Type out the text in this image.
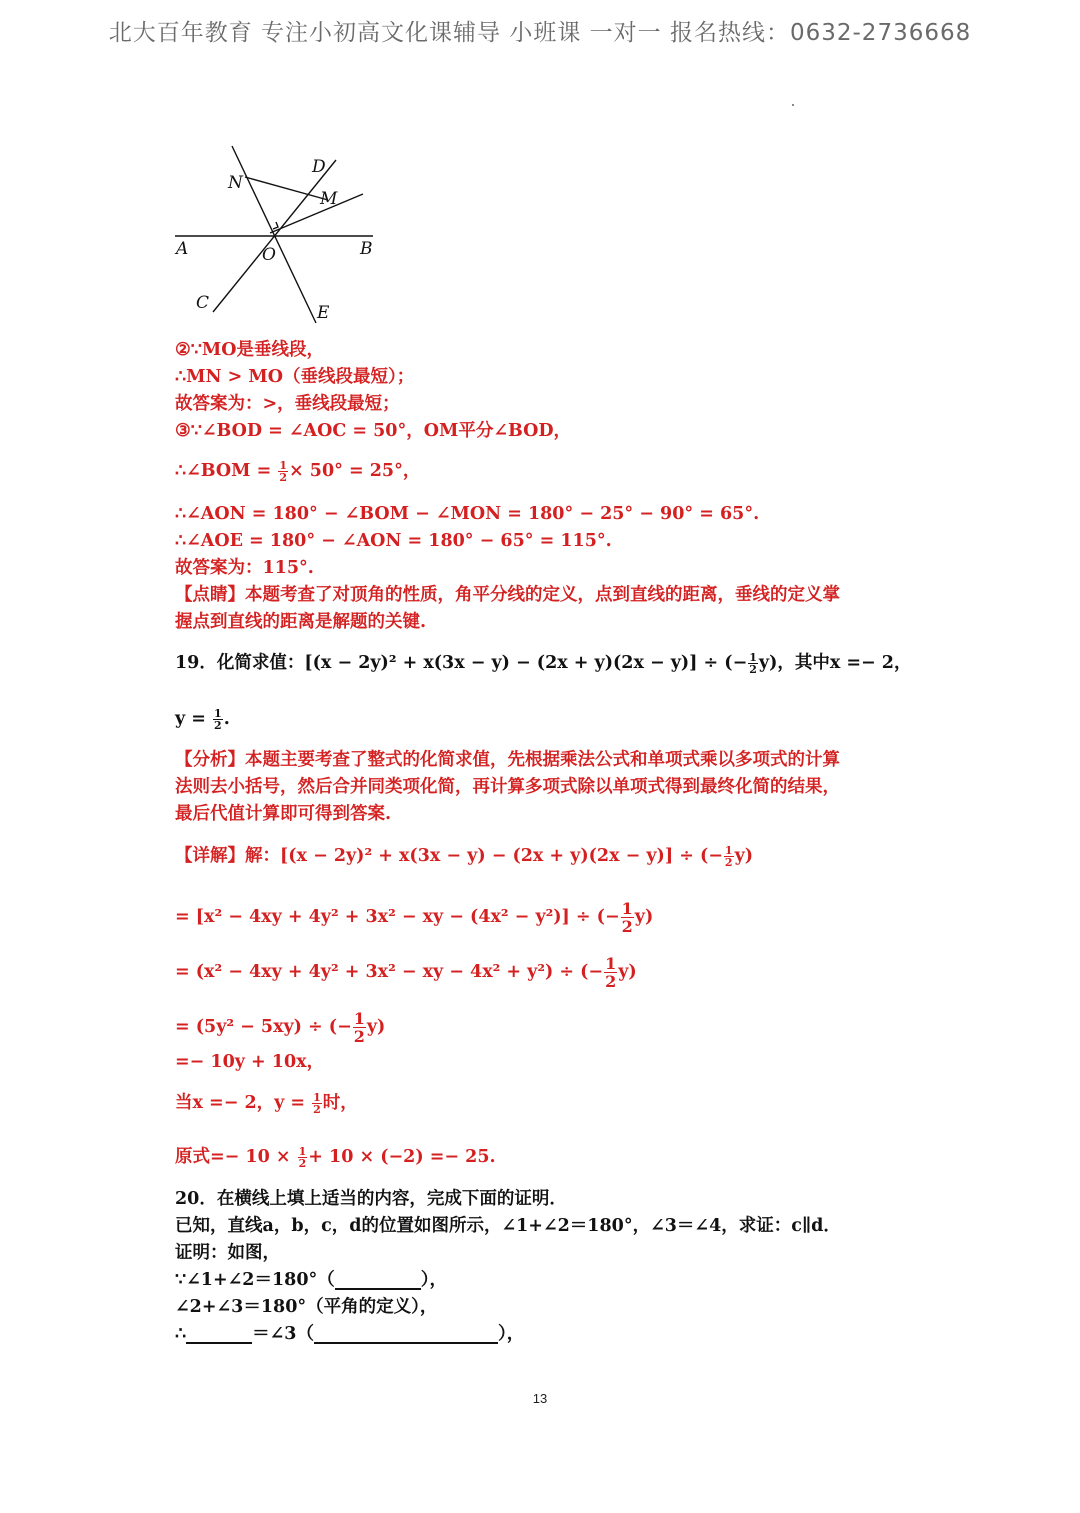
北大百年教育 专注小初高文化课辅导 小班课 一对一 报名热线：0632-2736668
D
N
M
A	O	B
C	E
②∵MO是垂线段，
∴MN > MO（垂线段最短）；
故答案为：>，垂线段最短；
③∵∠BOD = ∠AOC = 50°，OM平分∠BOD，
∴∠BOM = $\frac{1}{2} \times 50^\circ = 25^\circ$，
∴∠AON = 180° − ∠BOM − ∠MON = 180° − 25° − 90° = 65°.
∴∠AOE = 180° − ∠AON = 180° − 65° = 115°.
故答案为：115°.
【点睛】本题考查了对顶角的性质，角平分线的定义，点到直线的距离，垂线的定义掌
握点到直线的距离是解题的关键.
19．化简求值：[(x − 2y)² + x(3x − y) − (2x + y)(2x − y)] ÷ (− $\frac{1}{2} y$)，其中x =− 2，
$y = \frac{1}{2}$ .
【分析】本题主要考查了整式的化简求值，先根据乘法公式和单项式乘以多项式的计算
法则去小括号，然后合并同类项化简，再计算多项式除以单项式得到最终化简的结果，
最后代值计算即可得到答案.
【详解】解：[(x − 2y)² + x(3x − y) − (2x + y)(2x − y)] ÷ (− $\frac{1}{2} y$)
= [x² − 4xy + 4y² + 3x² − xy − (4x² − y²)] ÷ (− $\frac{1}{2} y$)
= (x² − 4xy + 4y² + 3x² − xy − 4x² + y²) ÷ (− $\frac{1}{2} y$)
= (5y² − 5xy) ÷ (− $\frac{1}{2} y$)
=− 10y + 10x，
当x =− 2，$y = \frac{1}{2}$ 时，
原式=− $10 \times \frac{1}{2} + 10 \times (-2) =- 25$.
20．在横线上填上适当的内容，完成下面的证明．
已知，直线a，b，c，d的位置如图所示，∠1+∠2＝180°，∠3＝∠4，求证：c∥d．
证明：如图，
∵∠1+∠2＝180°（	），
∠2+∠3＝180°（平角的定义），
∴	＝∠3（	），
13
